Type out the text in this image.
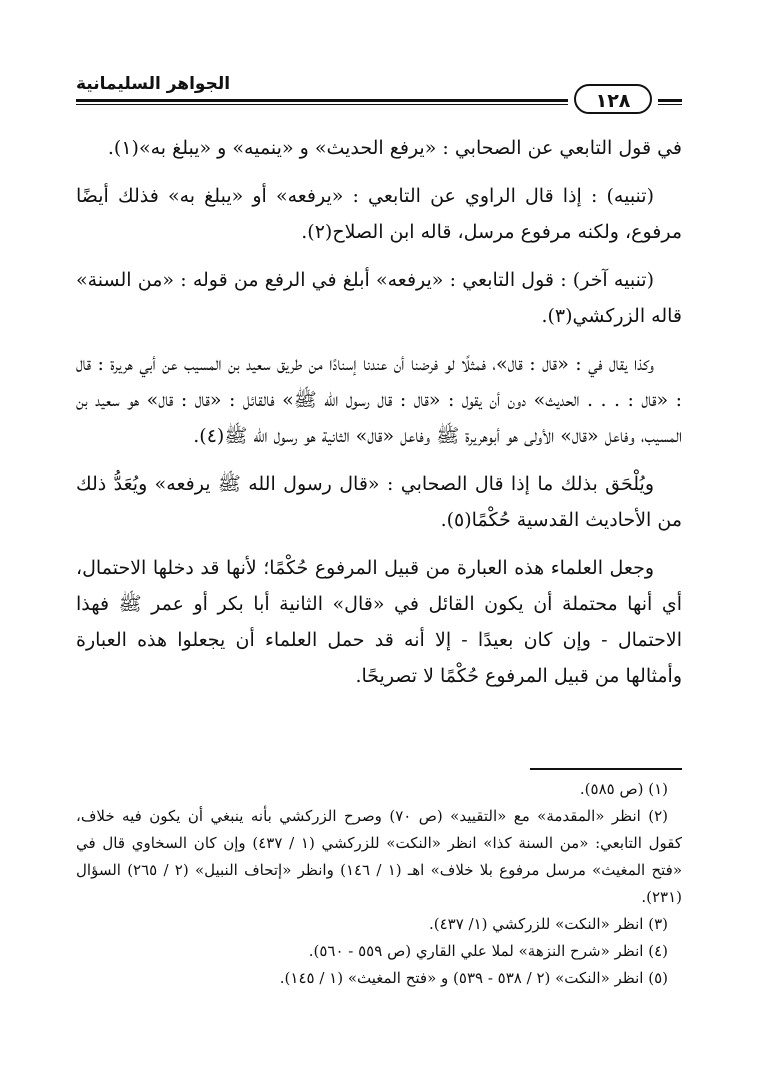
الجواهر السليمانية
١٢٨

في قول التابعي عن الصحابي : «يرفع الحديث» و «ينميه» و «يبلغ به»(١).

(تنبيه) : إذا قال الراوي عن التابعي : «يرفعه» أو «يبلغ به» فذلك أيضًا مرفوع، ولكنه مرفوع مرسل، قاله ابن الصلاح(٢).

(تنبيه آخر) : قول التابعي : «يرفعه» أبلغ في الرفع من قوله : «من السنة» قاله الزركشي(٣).

وكذا يقال في : «قال : قال»، فمثلًا لو فرضنا أن عندنا إسنادًا من طريق سعيد بن المسيب عن أبي هريرة : قال : «قال : . . . الحديث» دون أن يقول : «قال : قال رسول الله ﷺ» فالقائل : «قال : قال» هو سعيد بن المسيب، وفاعل «قال» الأولى هو أبوهريرة ﷺ وفاعل «قال» الثانية هو رسول الله ﷺ(٤).

ويُلْحَق بذلك ما إذا قال الصحابي : «قال رسول الله ﷺ يرفعه» ويُعَدُّ ذلك من الأحاديث القدسية حُكْمًا(٥).

وجعل العلماء هذه العبارة من قبيل المرفوع حُكْمًا؛ لأنها قد دخلها الاحتمال، أي أنها محتملة أن يكون القائل في «قال» الثانية أبا بكر أو عمر ﷺ فهذا الاحتمال - وإن كان بعيدًا - إلا أنه قد حمل العلماء أن يجعلوا هذه العبارة وأمثالها من قبيل المرفوع حُكْمًا لا تصريحًا.

(١) (ص ٥٨٥).

(٢) انظر «المقدمة» مع «التقييد» (ص ٧٠) وصرح الزركشي بأنه ينبغي أن يكون فيه خلاف، كقول التابعي: «من السنة كذا» انظر «النكت» للزركشي (١ / ٤٣٧) وإن كان السخاوي قال في «فتح المغيث» مرسل مرفوع بلا خلاف» اهـ (١ / ١٤٦) وانظر «إتحاف النبيل» (٢ / ٢٦٥) السؤال (٢٣١).

(٣) انظر «النكت» للزركشي (١/ ٤٣٧).

(٤) انظر «شرح النزهة» لملا علي القاري (ص ٥٥٩ - ٥٦٠).

(٥) انظر «النكت» (٢ / ٥٣٨ - ٥٣٩) و «فتح المغيث» (١ / ١٤٥).
